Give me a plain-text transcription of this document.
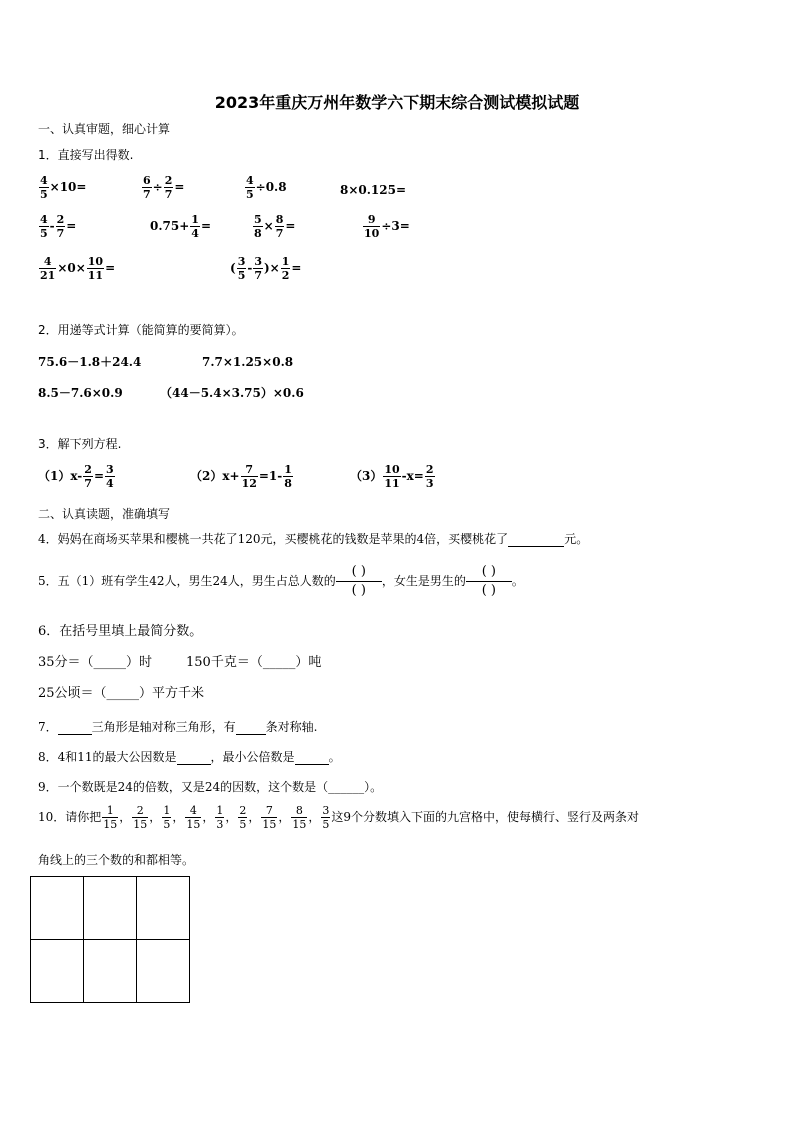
2023年重庆万州年数学六下期末综合测试模拟试题
一、认真审题，细心计算
1．直接写出得数.
$\frac{4}{5} \times 10=$	$\frac{6}{7} \div \frac{2}{7}$ =	$\frac{4}{5} \div 0.8$	8×0.125=
$\frac{4}{5} - \frac{2}{7}$ =	$0.75+ \frac{1}{4}$ =	$\frac{5}{8} \times \frac{8}{7}$ =	$\frac{9}{10} \div 3=$
$\frac{4}{21} \times 0\times \frac{10}{11}$ =	( $\frac{3}{5} - \frac{3}{7}$ )× $\frac{1}{2}$ =
2．用递等式计算（能简算的要简算）。
75.6－1.8＋24.4	7.7×1.25×0.8
8.5－7.6×0.9	（44－5.4×3.75）×0.6
3．解下列方程.
$(1)x- \frac{2}{7} = \frac{3}{4}$	$(2)x+ \frac{7}{12} =1- \frac{1}{8}$	$(3) \frac{10}{11} -x= \frac{2}{3}$
二、认真读题，准确填写
4．妈妈在商场买苹果和樱桃一共花了120元，买樱桃花的钱数是苹果的4倍，买樱桃花了	元。
5．五（1）班有学生42人，男生24人，男生占总人数的
( )
( )
，女生是男生的
( )
( )
。
6．在括号里填上最简分数。
35分＝（_____）时	150千克＝（_____）吨
25公顷＝（_____）平方千米
7．	三角形是轴对称三角形，有	条对称轴.
8．4和11的最大公因数是	，最小公倍数是	。
9．一个数既是24的倍数，又是24的因数，这个数是（______）。
10．请你把 $\frac{1}{15}$ ， $\frac{2}{15}$ ， $\frac{1}{5}$ ， $\frac{4}{15}$ ， $\frac{1}{3}$ ， $\frac{2}{5}$ ， $\frac{7}{15}$ ， $\frac{8}{15}$ ， $\frac{3}{5}$ 这9个分数填入下面的九宫格中，使每横行、竖行及两条对
角线上的三个数的和都相等。
